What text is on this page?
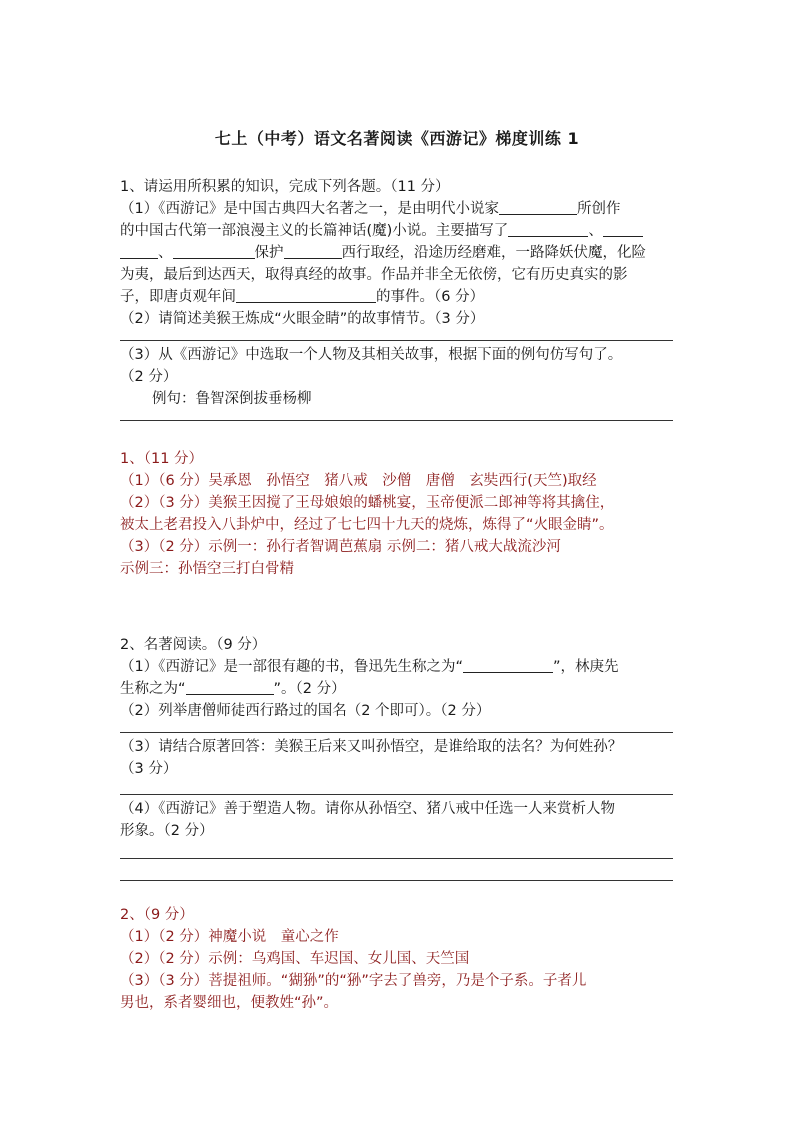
七上（中考）语文名著阅读《西游记》梯度训练 1
1、请运用所积累的知识，完成下列各题。（11 分）
（1）《西游记》是中国古典四大名著之一，是由明代小说家	所创作
的中国古代第一部浪漫主义的长篇神话(魔)小说。主要描写了	、
、	保护	西行取经，沿途历经磨难，一路降妖伏魔，化险
为夷，最后到达西天，取得真经的故事。作品并非全无依傍，它有历史真实的影
子，即唐贞观年间	的事件。（6 分）
（2）请简述美猴王炼成“火眼金睛”的故事情节。（3 分）
（3）从《西游记》中选取一个人物及其相关故事，根据下面的例句仿写句了。
（2 分）
例句：鲁智深倒拔垂杨柳
1、（11 分）
（1）（6 分）吴承恩　孙悟空　猪八戒　沙僧　唐僧　玄奘西行(天竺)取经
（2）（3 分）美猴王因搅了王母娘娘的蟠桃宴，玉帝便派二郎神等将其擒住，
被太上老君投入八卦炉中，经过了七七四十九天的烧炼，炼得了“火眼金睛”。
（3）（2 分）示例一：孙行者智调芭蕉扇 示例二：猪八戒大战流沙河
示例三：孙悟空三打白骨精
2、名著阅读。（9 分）
（1）《西游记》是一部很有趣的书，鲁迅先生称之为“	”，林庚先
生称之为“	”。（2 分）
（2）列举唐僧师徒西行路过的国名（2 个即可）。（2 分）
（3）请结合原著回答：美猴王后来又叫孙悟空，是谁给取的法名？为何姓孙？
（3 分）
（4）《西游记》善于塑造人物。请你从孙悟空、猪八戒中任选一人来赏析人物
形象。（2 分）
2、（9 分）
（1）（2 分）神魔小说　童心之作
（2）（2 分）示例：乌鸡国、车迟国、女儿国、天竺国
（3）（3 分）菩提祖师。“猢狲”的“狲”字去了兽旁，乃是个子系。子者儿
男也，系者婴细也，便教姓“孙”。
